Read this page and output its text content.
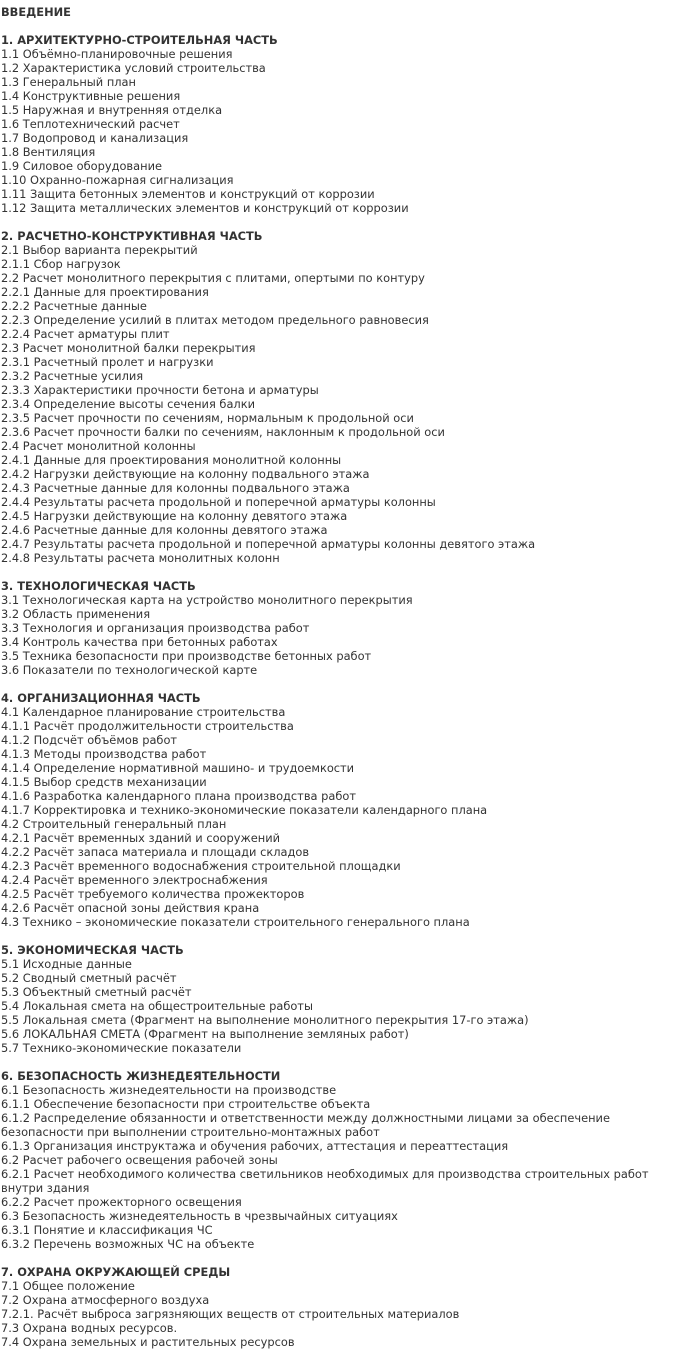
ВВЕДЕНИЕ
1. АРХИТЕКТУРНО-СТРОИТЕЛЬНАЯ ЧАСТЬ
1.1 Объёмно-планировочные решения
1.2 Характеристика условий строительства
1.3 Генеральный план
1.4 Конструктивные решения
1.5 Наружная и внутренняя отделка
1.6 Теплотехнический расчет
1.7 Водопровод и канализация
1.8 Вентиляция
1.9 Силовое оборудование
1.10 Охранно-пожарная сигнализация
1.11 Защита бетонных элементов и конструкций от коррозии
1.12 Защита металлических элементов и конструкций от коррозии
2. РАСЧЕТНО-КОНСТРУКТИВНАЯ ЧАСТЬ
2.1 Выбор варианта перекрытий
2.1.1 Сбор нагрузок
2.2 Расчет монолитного перекрытия с плитами, опертыми по контуру
2.2.1 Данные для проектирования
2.2.2 Расчетные данные
2.2.3 Определение усилий в плитах методом предельного равновесия
2.2.4 Расчет арматуры плит
2.3 Расчет монолитной балки перекрытия
2.3.1 Расчетный пролет и нагрузки
2.3.2 Расчетные усилия
2.3.3 Характеристики прочности бетона и арматуры
2.3.4 Определение высоты сечения балки
2.3.5 Расчет прочности по сечениям, нормальным к продольной оси
2.3.6 Расчет прочности балки по сечениям, наклонным к продольной оси
2.4 Расчет монолитной колонны
2.4.1 Данные для проектирования монолитной колонны
2.4.2 Нагрузки действующие на колонну подвального этажа
2.4.3 Расчетные данные для колонны подвального этажа
2.4.4 Результаты расчета продольной и поперечной арматуры колонны
2.4.5 Нагрузки действующие на колонну девятого этажа
2.4.6 Расчетные данные для колонны девятого этажа
2.4.7 Результаты расчета продольной и поперечной арматуры колонны девятого этажа
2.4.8 Результаты расчета монолитных колонн
3. ТЕХНОЛОГИЧЕСКАЯ ЧАСТЬ
3.1 Технологическая карта на устройство монолитного перекрытия
3.2 Область применения
3.3 Технология и организация производства работ
3.4 Контроль качества при бетонных работах
3.5 Техника безопасности при производстве бетонных работ
3.6 Показатели по технологической карте
4. ОРГАНИЗАЦИОННАЯ ЧАСТЬ
4.1 Календарное планирование строительства
4.1.1 Расчёт продолжительности строительства
4.1.2 Подсчёт объёмов работ
4.1.3 Методы производства работ
4.1.4 Определение нормативной машино- и трудоемкости
4.1.5 Выбор средств механизации
4.1.6 Разработка календарного плана производства работ
4.1.7 Корректировка и технико-экономические показатели календарного плана
4.2 Строительный генеральный план
4.2.1 Расчёт временных зданий и сооружений
4.2.2 Расчёт запаса материала и площади складов
4.2.3 Расчёт временного водоснабжения строительной площадки
4.2.4 Расчёт временного электроснабжения
4.2.5 Расчёт требуемого количества прожекторов
4.2.6 Расчёт опасной зоны действия крана
4.3 Технико – экономические показатели строительного генерального плана
5. ЭКОНОМИЧЕСКАЯ ЧАСТЬ
5.1 Исходные данные
5.2 Сводный сметный расчёт
5.3 Объектный сметный расчёт
5.4 Локальная смета на общестроительные работы
5.5 Локальная смета (Фрагмент на выполнение монолитного перекрытия 17-го этажа)
5.6 ЛОКАЛЬНАЯ СМЕТА (Фрагмент на выполнение земляных работ)
5.7 Технико-экономические показатели
6. БЕЗОПАСНОСТЬ ЖИЗНЕДЕЯТЕЛЬНОСТИ
6.1 Безопасность жизнедеятельности на производстве
6.1.1 Обеспечение безопасности при строительстве объекта
6.1.2 Распределение обязанности и ответственности между должностными лицами за обеспечение безопасности при выполнении строительно-монтажных работ
6.1.3 Организация инструктажа и обучения рабочих, аттестация и переаттестация
6.2 Расчет рабочего освещения рабочей зоны
6.2.1 Расчет необходимого количества светильников необходимых для производства строительных работ внутри здания
6.2.2 Расчет прожекторного освещения
6.3 Безопасность жизнедеятельность в чрезвычайных ситуациях
6.3.1 Понятие и классификация ЧС
6.3.2 Перечень возможных ЧС на объекте
7. ОХРАНА ОКРУЖАЮЩЕЙ СРЕДЫ
7.1 Общее положение
7.2 Охрана атмосферного воздуха
7.2.1. Расчёт выброса загрязняющих веществ от строительных материалов
7.3 Охрана водных ресурсов.
7.4 Охрана земельных и растительных ресурсов
